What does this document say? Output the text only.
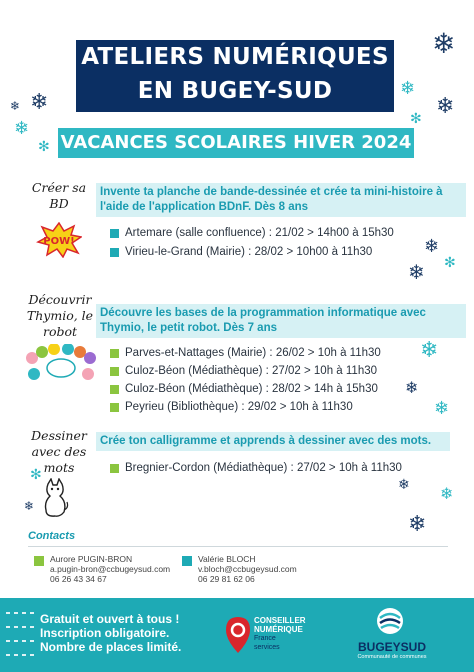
❄
❄
❄
✻
❄
❄
❄
✻
❄
✻
❄
❄
❄
❄
❄ ❄
❄
✻
❄
ATELIERS NUMÉRIQUES
EN BUGEY-SUD
VACANCES SCOLAIRES HIVER 2024
Créer sa
BD
POW!
Invente ta planche de bande-dessinée et crée ta mini-histoire à l'aide de l'application BDnF. Dès 8 ans
Artemare (salle confluence) : 21/02 > 14h00 à 15h30
Virieu-le-Grand (Mairie) : 28/02 > 10h00 à 11h30
Découvrir
Thymio, le
robot
Découvre les bases de la programmation informatique avec Thymio, le petit robot. Dès 7 ans
Parves-et-Nattages (Mairie) : 26/02 > 10h à 11h30
Culoz-Béon (Médiathèque) : 27/02 > 10h à 11h30
Culoz-Béon (Médiathèque) : 28/02 > 14h à 15h30
Peyrieu (Bibliothèque) : 29/02 > 10h à 11h30
Dessiner
avec des
mots
Crée ton calligramme et apprends à dessiner avec des mots.
Bregnier-Cordon (Médiathèque) : 27/02 > 10h à 11h30
Contacts
Aurore PUGIN-BRON
a.pugin-bron@ccbugeysud.com
06 26 43 34 67
Valérie BLOCH
v.bloch@ccbugeysud.com
06 29 81 62 06
Gratuit et ouvert à tous !
Inscription obligatoire.
Nombre de places limité.
CONSEILLER
NUMÉRIQUE
France
services	BUGEYSUD
Communauté de communes
